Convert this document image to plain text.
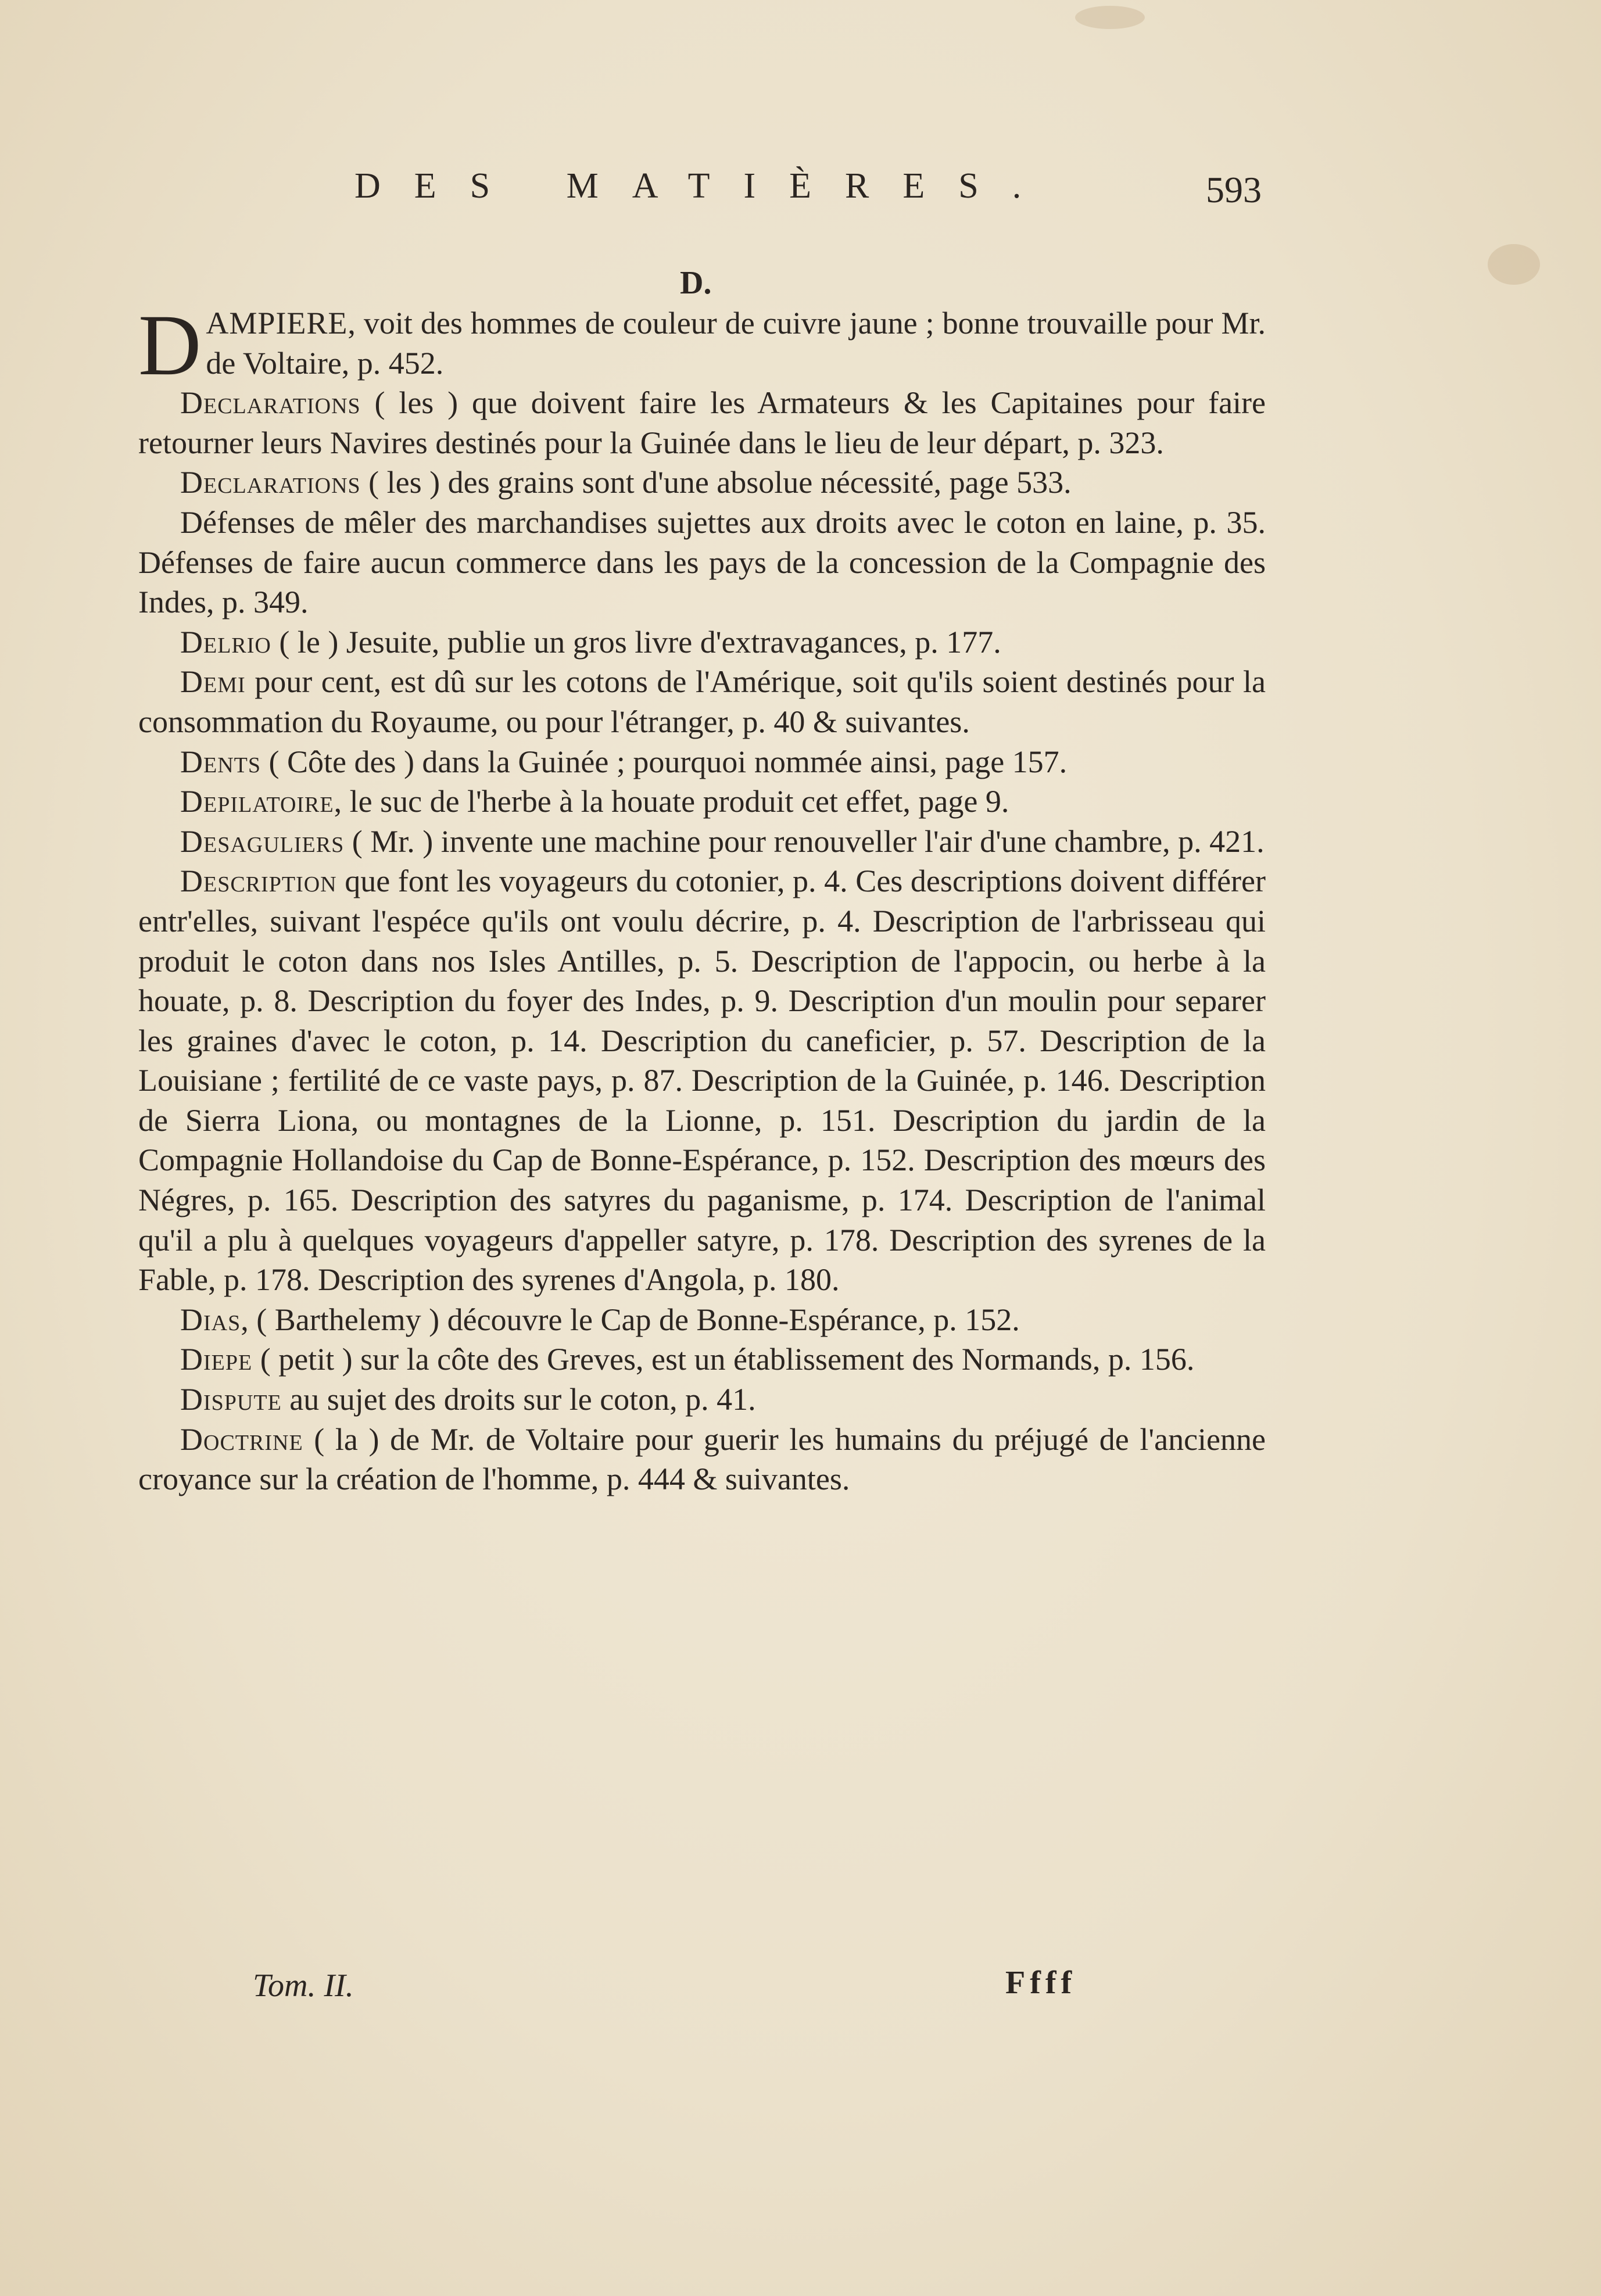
DES MATIÈRES.	593
D.

DAMPIERE, voit des hommes de couleur de cuivre jaune ; bonne trouvaille pour Mr. de Voltaire, p. 452.

Declarations ( les ) que doivent faire les Armateurs & les Capitaines pour faire retourner leurs Navires destinés pour la Guinée dans le lieu de leur départ, p. 323.

Declarations ( les ) des grains sont d'une absolue nécessité, page 533.

Défenses de mêler des marchandises sujettes aux droits avec le coton en laine, p. 35. Défenses de faire aucun commerce dans les pays de la concession de la Compagnie des Indes, p. 349.

Delrio ( le ) Jesuite, publie un gros livre d'extravagances, p. 177.

Demi pour cent, est dû sur les cotons de l'Amérique, soit qu'ils soient destinés pour la consommation du Royaume, ou pour l'étranger, p. 40 & suivantes.

Dents ( Côte des ) dans la Guinée ; pourquoi nommée ainsi, page 157.

Depilatoire, le suc de l'herbe à la houate produit cet effet, page 9.

Desaguliers ( Mr. ) invente une machine pour renouveller l'air d'une chambre, p. 421.

Description que font les voyageurs du cotonier, p. 4. Ces descriptions doivent différer entr'elles, suivant l'espéce qu'ils ont voulu décrire, p. 4. Description de l'arbrisseau qui produit le coton dans nos Isles Antilles, p. 5. Description de l'appocin, ou herbe à la houate, p. 8. Description du foyer des Indes, p. 9. Description d'un moulin pour separer les graines d'avec le coton, p. 14. Description du caneficier, p. 57. Description de la Louisiane ; fertilité de ce vaste pays, p. 87. Description de la Guinée, p. 146. Description de Sierra Liona, ou montagnes de la Lionne, p. 151. Description du jardin de la Compagnie Hollandoise du Cap de Bonne-Espérance, p. 152. Description des mœurs des Négres, p. 165. Description des satyres du paganisme, p. 174. Description de l'animal qu'il a plu à quelques voyageurs d'appeller satyre, p. 178. Description des syrenes de la Fable, p. 178. Description des syrenes d'Angola, p. 180.

Dias, ( Barthelemy ) découvre le Cap de Bonne-Espérance, p. 152.

Diepe ( petit ) sur la côte des Greves, est un établissement des Normands, p. 156.

Dispute au sujet des droits sur le coton, p. 41.

Doctrine ( la ) de Mr. de Voltaire pour guerir les humains du préjugé de l'ancienne croyance sur la création de l'homme, p. 444 & suivantes.

Tom. II.	Ffff
